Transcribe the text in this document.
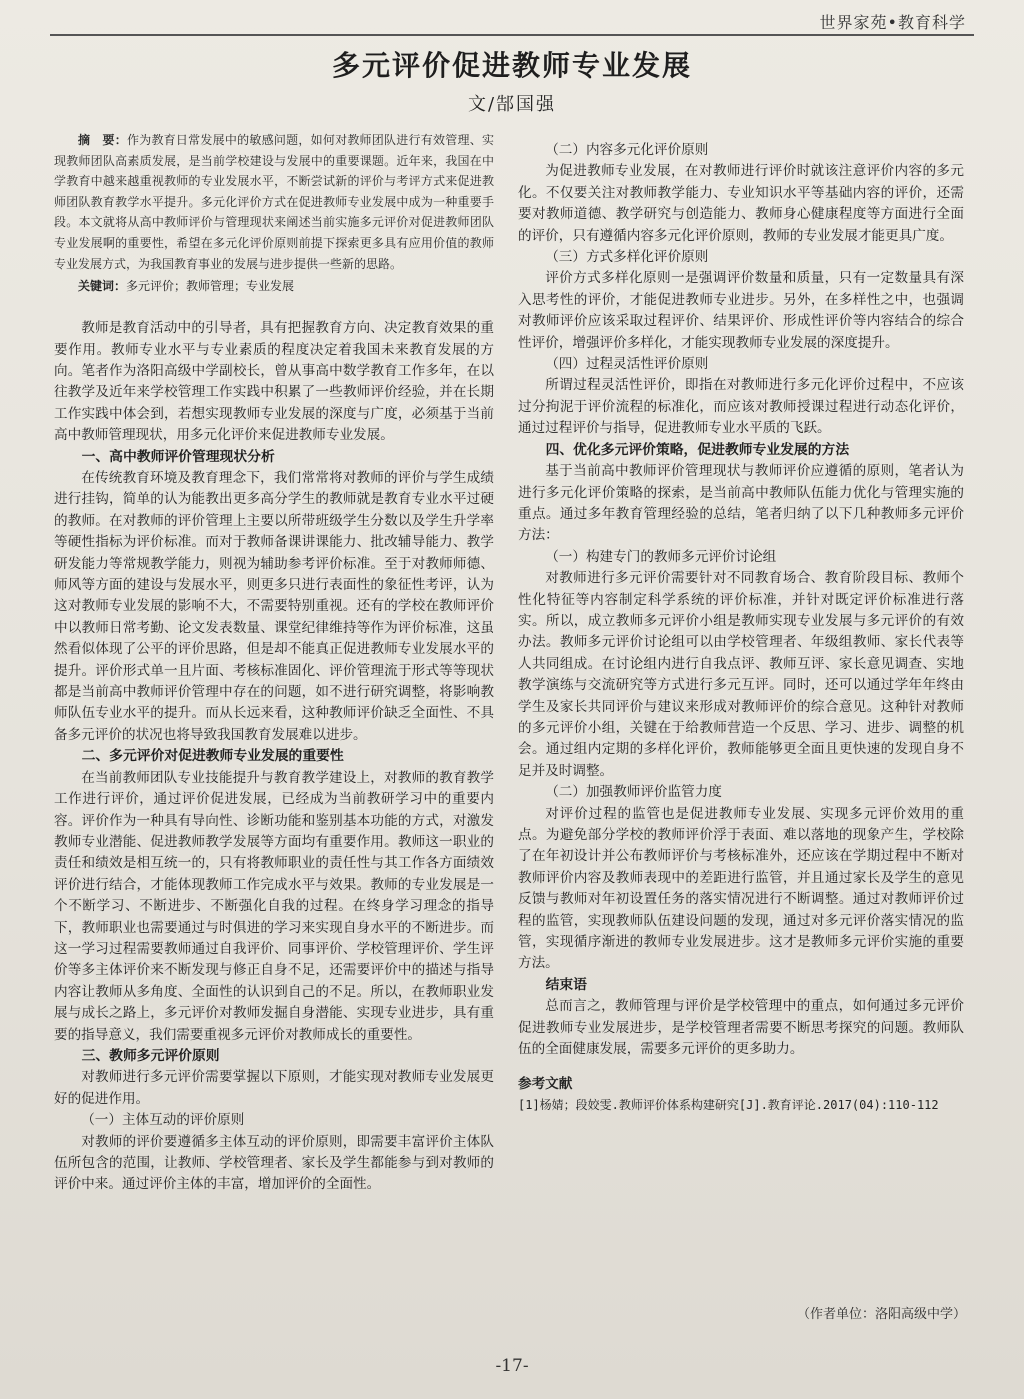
世界家苑•教育科学
多元评价促进教师专业发展
文/郜国强
摘　要：作为教育日常发展中的敏感问题，如何对教师团队进行有效管理、实现教师团队高素质发展，是当前学校建设与发展中的重要课题。近年来，我国在中学教育中越来越重视教师的专业发展水平，不断尝试新的评价与考评方式来促进教师团队教育教学水平提升。多元化评价方式在促进教师专业发展中成为一种重要手段。本文就将从高中教师评价与管理现状来阐述当前实施多元评价对促进教师团队专业发展啊的重要性，希望在多元化评价原则前提下探索更多具有应用价值的教师专业发展方式，为我国教育事业的发展与进步提供一些新的思路。
关键词：多元评价；教师管理；专业发展

教师是教育活动中的引导者，具有把握教育方向、决定教育效果的重要作用。教师专业水平与专业素质的程度决定着我国未来教育发展的方向。笔者作为洛阳高级中学副校长，曾从事高中数学教育工作多年，在以往教学及近年来学校管理工作实践中积累了一些教师评价经验，并在长期工作实践中体会到，若想实现教师专业发展的深度与广度，必须基于当前高中教师管理现状，用多元化评价来促进教师专业发展。

一、高中教师评价管理现状分析

在传统教育环境及教育理念下，我们常常将对教师的评价与学生成绩进行挂钩，简单的认为能教出更多高分学生的教师就是教育专业水平过硬的教师。在对教师的评价管理上主要以所带班级学生分数以及学生升学率等硬性指标为评价标准。而对于教师备课讲课能力、批改辅导能力、教学研发能力等常规教学能力，则视为辅助参考评价标准。至于对教师师德、师风等方面的建设与发展水平，则更多只进行表面性的象征性考评，认为这对教师专业发展的影响不大，不需要特别重视。还有的学校在教师评价中以教师日常考勤、论文发表数量、课堂纪律维持等作为评价标准，这虽然看似体现了公平的评价思路，但是却不能真正促进教师专业发展水平的提升。评价形式单一且片面、考核标准固化、评价管理流于形式等等现状都是当前高中教师评价管理中存在的问题，如不进行研究调整，将影响教师队伍专业水平的提升。而从长远来看，这种教师评价缺乏全面性、不具备多元评价的状况也将导致我国教育发展难以进步。

二、多元评价对促进教师专业发展的重要性

在当前教师团队专业技能提升与教育教学建设上，对教师的教育教学工作进行评价，通过评价促进发展，已经成为当前教研学习中的重要内容。评价作为一种具有导向性、诊断功能和鉴别基本功能的方式，对激发教师专业潜能、促进教师教学发展等方面均有重要作用。教师这一职业的责任和绩效是相互统一的，只有将教师职业的责任性与其工作各方面绩效评价进行结合，才能体现教师工作完成水平与效果。教师的专业发展是一个不断学习、不断进步、不断强化自我的过程。在终身学习理念的指导下，教师职业也需要通过与时俱进的学习来实现自身水平的不断进步。而这一学习过程需要教师通过自我评价、同事评价、学校管理评价、学生评价等多主体评价来不断发现与修正自身不足，还需要评价中的描述与指导内容让教师从多角度、全面性的认识到自己的不足。所以，在教师职业发展与成长之路上，多元评价对教师发掘自身潜能、实现专业进步，具有重要的指导意义，我们需要重视多元评价对教师成长的重要性。

三、教师多元评价原则

对教师进行多元评价需要掌握以下原则，才能实现对教师专业发展更好的促进作用。

（一）主体互动的评价原则

对教师的评价要遵循多主体互动的评价原则，即需要丰富评价主体队伍所包含的范围，让教师、学校管理者、家长及学生都能参与到对教师的评价中来。通过评价主体的丰富，增加评价的全面性。

（二）内容多元化评价原则

为促进教师专业发展，在对教师进行评价时就该注意评价内容的多元化。不仅要关注对教师教学能力、专业知识水平等基础内容的评价，还需要对教师道德、教学研究与创造能力、教师身心健康程度等方面进行全面的评价，只有遵循内容多元化评价原则，教师的专业发展才能更具广度。

（三）方式多样化评价原则

评价方式多样化原则一是强调评价数量和质量，只有一定数量具有深入思考性的评价，才能促进教师专业进步。另外，在多样性之中，也强调对教师评价应该采取过程评价、结果评价、形成性评价等内容结合的综合性评价，增强评价多样化，才能实现教师专业发展的深度提升。

（四）过程灵活性评价原则

所谓过程灵活性评价，即指在对教师进行多元化评价过程中，不应该过分拘泥于评价流程的标准化，而应该对教师授课过程进行动态化评价，通过过程评价与指导，促进教师专业水平质的飞跃。

四、优化多元评价策略，促进教师专业发展的方法

基于当前高中教师评价管理现状与教师评价应遵循的原则，笔者认为进行多元化评价策略的探索，是当前高中教师队伍能力优化与管理实施的重点。通过多年教育管理经验的总结，笔者归纳了以下几种教师多元评价方法：

（一）构建专门的教师多元评价讨论组

对教师进行多元评价需要针对不同教育场合、教育阶段目标、教师个性化特征等内容制定科学系统的评价标准，并针对既定评价标准进行落实。所以，成立教师多元评价小组是教师实现专业发展与多元评价的有效办法。教师多元评价讨论组可以由学校管理者、年级组教师、家长代表等人共同组成。在讨论组内进行自我点评、教师互评、家长意见调查、实地教学演练与交流研究等方式进行多元互评。同时，还可以通过学年年终由学生及家长共同评价与建议来形成对教师评价的综合意见。这种针对教师的多元评价小组，关键在于给教师营造一个反思、学习、进步、调整的机会。通过组内定期的多样化评价，教师能够更全面且更快速的发现自身不足并及时调整。

（二）加强教师评价监管力度

对评价过程的监管也是促进教师专业发展、实现多元评价效用的重点。为避免部分学校的教师评价浮于表面、难以落地的现象产生，学校除了在年初设计并公布教师评价与考核标准外，还应该在学期过程中不断对教师评价内容及教师表现中的差距进行监管，并且通过家长及学生的意见反馈与教师对年初设置任务的落实情况进行不断调整。通过对教师评价过程的监管，实现教师队伍建设问题的发现，通过对多元评价落实情况的监管，实现循序渐进的教师专业发展进步。这才是教师多元评价实施的重要方法。

结束语

总而言之，教师管理与评价是学校管理中的重点，如何通过多元评价促进教师专业发展进步，是学校管理者需要不断思考探究的问题。教师队伍的全面健康发展，需要多元评价的更多助力。

参考文献
[1]杨婧；段姣雯.教师评价体系构建研究[J].教育评论.2017(04):110-112
（作者单位：洛阳高级中学）
-17-
